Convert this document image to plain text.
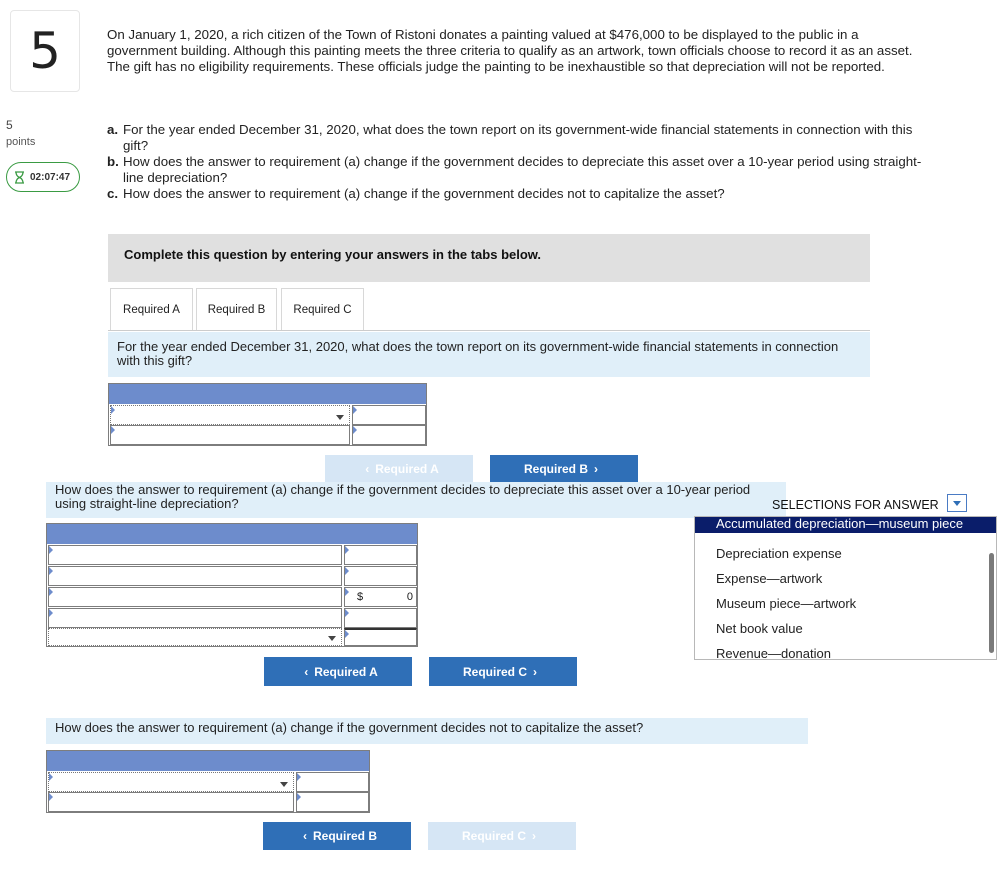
5
5
points
02:07:47
On January 1, 2020, a rich citizen of the Town of Ristoni donates a painting valued at $476,000 to be displayed to the public in a government building. Although this painting meets the three criteria to qualify as an artwork, town officials choose to record it as an asset. The gift has no eligibility requirements. These officials judge the painting to be inexhaustible so that depreciation will not be reported.
a. For the year ended December 31, 2020, what does the town report on its government-wide financial statements in connection with this gift?
b. How does the answer to requirement (a) change if the government decides to depreciate this asset over a 10-year period using straight-line depreciation?
c. How does the answer to requirement (a) change if the government decides not to capitalize the asset?
Complete this question by entering your answers in the tabs below.
Required A	Required B	Required C
For the year ended December 31, 2020, what does the town report on its government-wide financial statements in connection with this gift?
‹ Required A	Required B ›
How does the answer to requirement (a) change if the government decides to depreciate this asset over a 10-year period using straight-line depreciation?
$	0
‹ Required A	Required C ›
SELECTIONS FOR ANSWER
Accumulated depreciation—museum piece
Depreciation expense
Expense—artwork
Museum piece—artwork
Net book value
Revenue—donation
How does the answer to requirement (a) change if the government decides not to capitalize the asset?
‹ Required B	Required C ›
